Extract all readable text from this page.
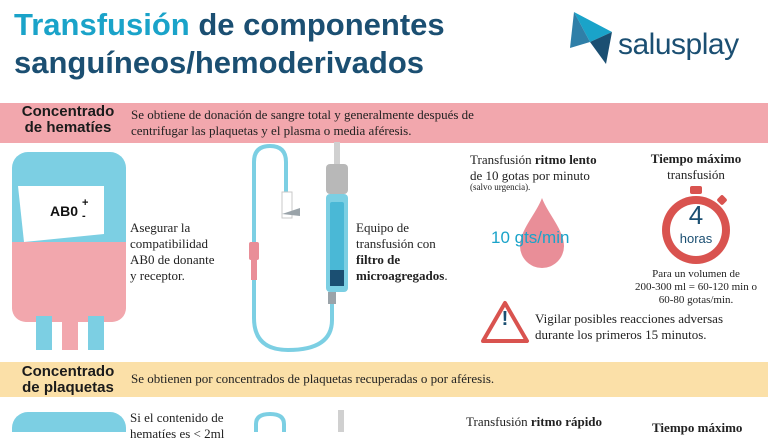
Transfusión de componentes
sanguíneos/hemoderivados
salusplay
Concentrado
de hematíes
Se obtiene de donación de sangre total y generalmente después de
centrifugar las plaquetas y el plasma o media aféresis.
AB0 +
-
Asegurar la
compatibilidad
AB0 de donante
y receptor.
Equipo de
transfusión con
filtro de
microagregados.
Transfusión ritmo lento
de 10 gotas por minuto
(salvo urgencia).
10 gts/min
Tiempo máximo
transfusión
4
horas
Para un volumen de
200-300 ml = 60-120 min o
60-80 gotas/min.
!	Vigilar posibles reacciones adversas
durante los primeros 15 minutos.
Concentrado
de plaquetas
Se obtienen por concentrados de plaquetas recuperadas o por aféresis.
Si el contenido de
hematíes es < 2ml
Transfusión ritmo rápido	Tiempo máximo
